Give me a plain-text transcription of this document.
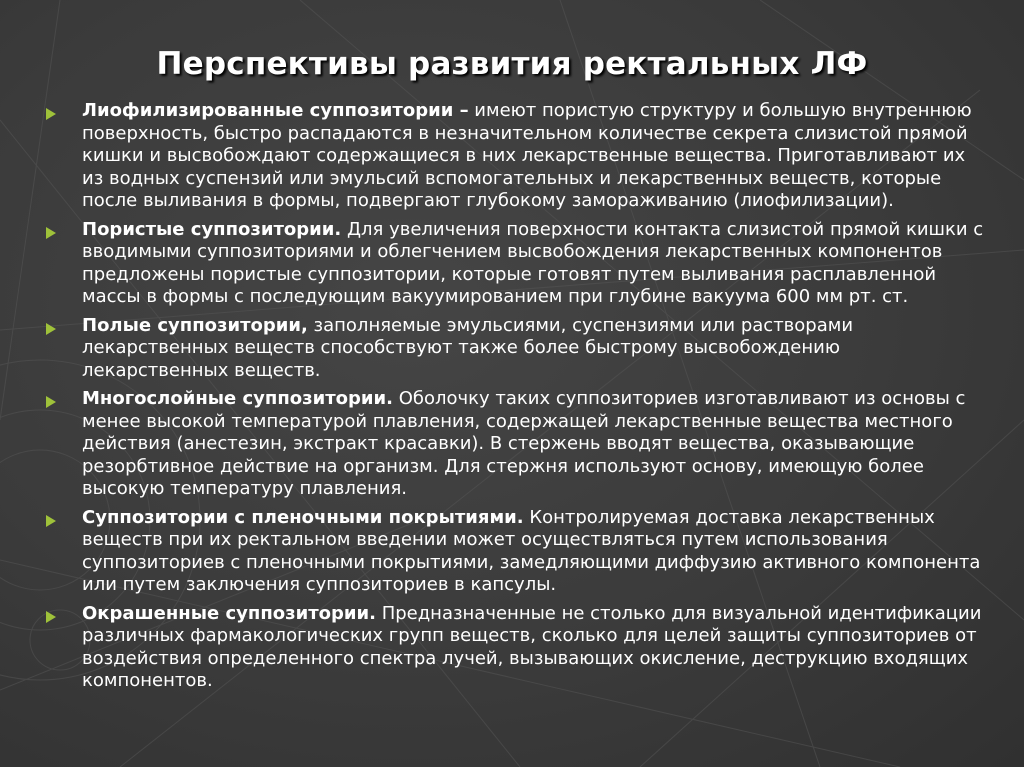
Перспективы развития ректальных ЛФ
Лиофилизированные суппозитории – имеют пористую структуру и большую внутреннюю поверхность, быстро распадаются в незначительном количестве секрета слизистой прямой кишки и высвобождают содержащиеся в них лекарственные вещества. Приготавливают их из водных суспензий или эмульсий вспомогательных и лекарственных веществ, которые после выливания в формы, подвергают глубокому замораживанию (лиофилизации).
Пористые суппозитории. Для увеличения поверхности контакта слизистой прямой кишки с вводимыми суппозиториями и облегчением высвобождения лекарственных компонентов предложены пористые суппозитории, которые готовят путем выливания расплавленной массы в формы с последующим вакуумированием при глубине вакуума 600 мм рт. ст.
Полые суппозитории, заполняемые эмульсиями, суспензиями или растворами лекарственных веществ способствуют также более быстрому высвобождению лекарственных веществ.
Многослойные суппозитории. Оболочку таких суппозиториев изготавливают из основы с менее высокой температурой плавления, содержащей лекарственные вещества местного действия (анестезин, экстракт красавки). В стержень вводят вещества, оказывающие резорбтивное действие на организм. Для стержня используют основу, имеющую более высокую температуру плавления.
Суппозитории с пленочными покрытиями. Контролируемая доставка лекарственных веществ при их ректальном введении может осуществляться путем использования суппозиториев с пленочными покрытиями, замедляющими диффузию активного компонента или путем заключения суппозиториев в капсулы.
Окрашенные суппозитории. Предназначенные не столько для визуальной идентификации различных фармакологических групп веществ, сколько для целей защиты суппозиториев от воздействия определенного спектра лучей, вызывающих окисление, деструкцию входящих компонентов.
